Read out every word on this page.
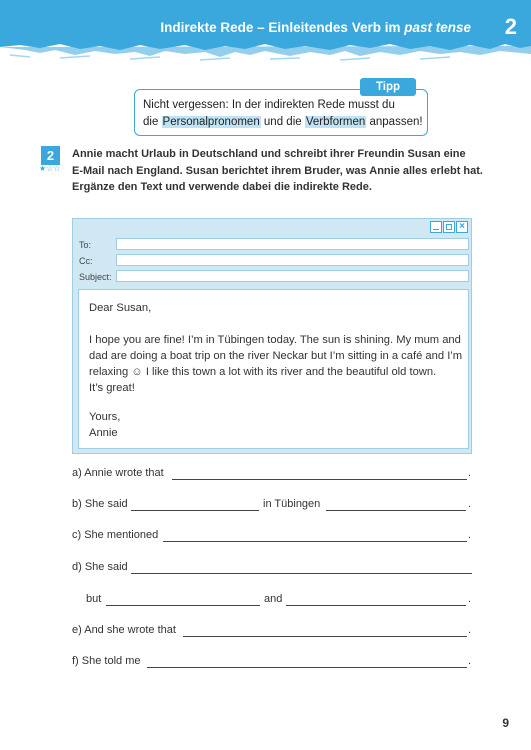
Indirekte Rede – Einleitendes Verb im past tense 2
Tipp
Nicht vergessen: In der indirekten Rede musst du
die Personalpronomen und die Verbformen anpassen!
2
★☆☆
Annie macht Urlaub in Deutschland und schreibt ihrer Freundin Susan eine
E-Mail nach England. Susan berichtet ihrem Bruder, was Annie alles erlebt hat.
Ergänze den Text und verwende dabei die indirekte Rede.
×
To:
Cc:
Subject:
Dear Susan,
I hope you are fine! I’m in Tübingen today. The sun is shining. My mum and
dad are doing a boat trip on the river Neckar but I’m sitting in a café and I’m
relaxing ☺ I like this town a lot with its river and the beautiful old town.
It’s great!
Yours,
Annie
a) Annie wrote that	.
b) She said	in Tübingen	.
c) She mentioned	.
d) She said
but	and	.
e) And she wrote that	.
f) She told me	.
9
